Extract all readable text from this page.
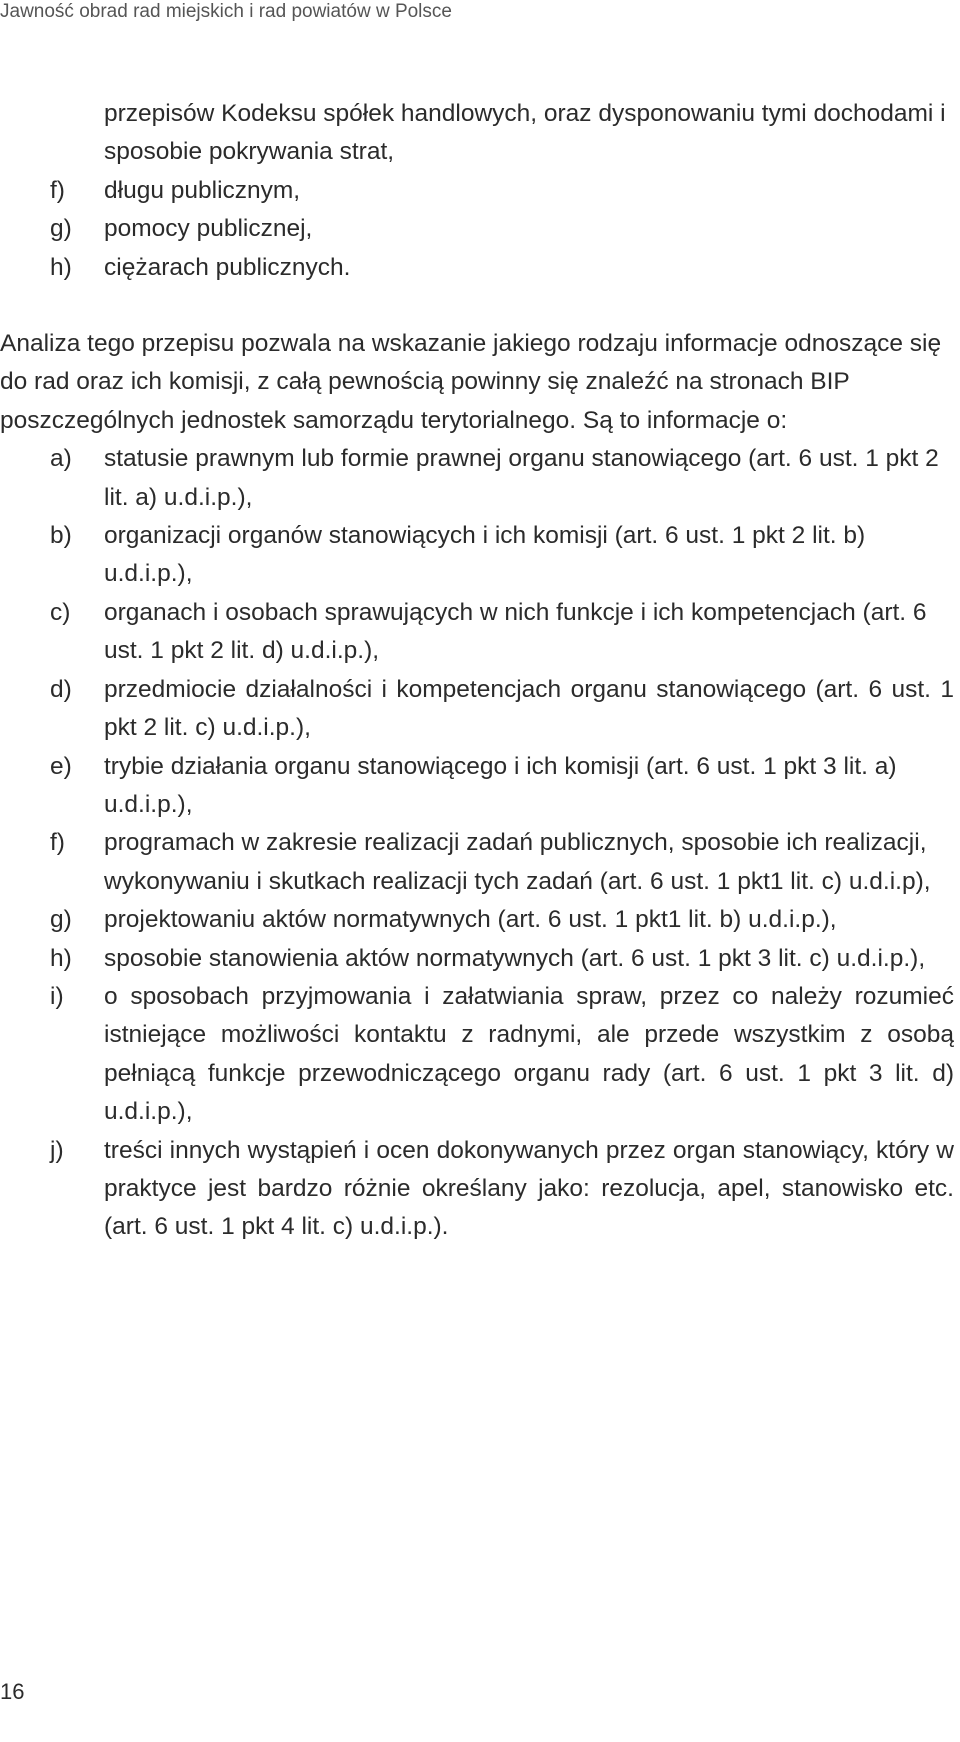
Jawność obrad rad miejskich i rad powiatów w Polsce
przepisów Kodeksu spółek handlowych, oraz dysponowaniu tymi dochodami i sposobie pokrywania strat,
f) długu publicznym,
g) pomocy publicznej,
h) ciężarach publicznych.
Analiza tego przepisu pozwala na wskazanie jakiego rodzaju informacje odnoszące się do rad oraz ich komisji, z całą pewnością powinny się znaleźć na stronach BIP poszczególnych jednostek samorządu terytorialnego. Są to informacje o:
a) statusie prawnym lub formie prawnej organu stanowiącego (art. 6 ust. 1 pkt 2 lit. a) u.d.i.p.),
b) organizacji organów stanowiących i ich komisji (art. 6 ust. 1 pkt 2 lit. b) u.d.i.p.),
c) organach i osobach sprawujących w nich funkcje i ich kompetencjach (art. 6 ust. 1 pkt 2 lit. d) u.d.i.p.),
d) przedmiocie działalności i kompetencjach organu stanowiącego (art. 6 ust. 1 pkt 2 lit. c) u.d.i.p.),
e) trybie działania organu stanowiącego i ich komisji (art. 6 ust. 1 pkt 3 lit. a) u.d.i.p.),
f) programach w zakresie realizacji zadań publicznych, sposobie ich realizacji, wykonywaniu i skutkach realizacji tych zadań (art. 6 ust. 1 pkt1 lit. c) u.d.i.p),
g) projektowaniu aktów normatywnych (art. 6 ust. 1 pkt1 lit. b) u.d.i.p.),
h) sposobie stanowienia aktów normatywnych (art. 6 ust. 1 pkt 3 lit. c) u.d.i.p.),
i) o sposobach przyjmowania i załatwiania spraw, przez co należy rozumieć istniejące możliwości kontaktu z radnymi, ale przede wszystkim z osobą pełniącą funkcje przewodniczącego organu rady (art. 6 ust. 1 pkt 3 lit. d) u.d.i.p.),
j) treści innych wystąpień i ocen dokonywanych przez organ stanowiący, który w praktyce jest bardzo różnie określany jako: rezolucja, apel, stanowisko etc. (art. 6 ust. 1 pkt 4 lit. c) u.d.i.p.).
16
